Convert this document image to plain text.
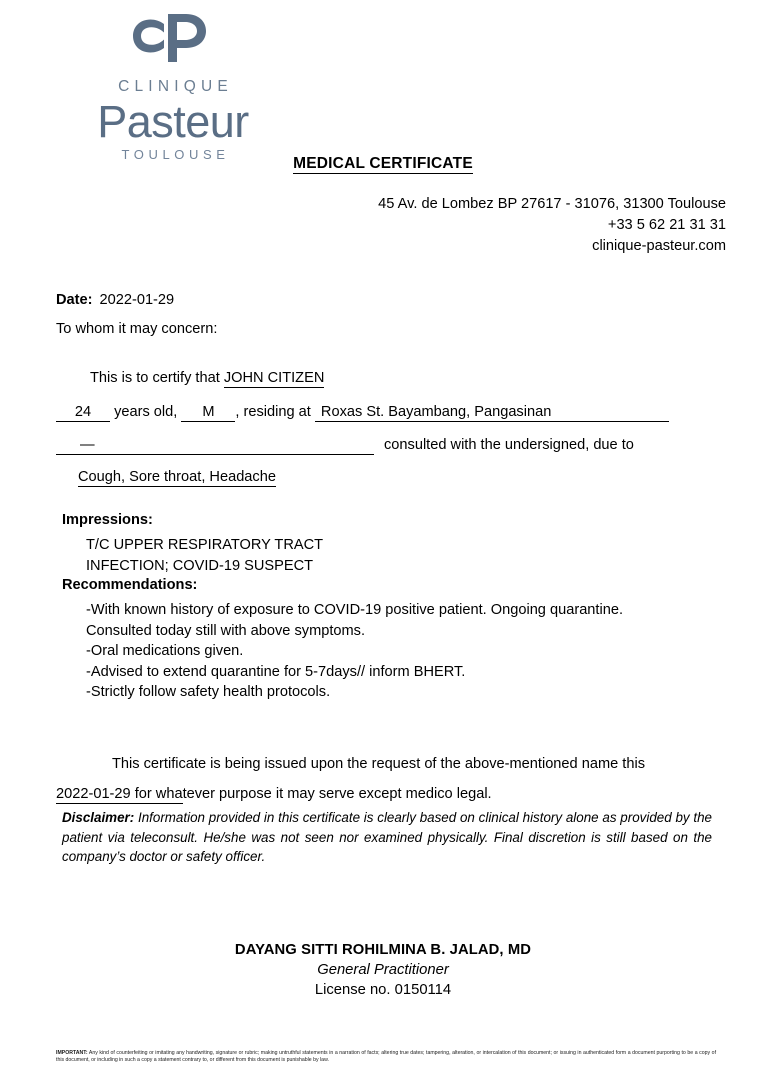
CLINIQUE
Pasteur
TOULOUSE
MEDICAL CERTIFICATE
45 Av. de Lombez BP 27617 - 31076, 31300 Toulouse
+33 5 62 21 31 31
clinique-pasteur.com
Date: 2022-01-29
To whom it may concern:
This is to certify that JOHN CITIZEN
24 years old, M , residing at Roxas St. Bayambang, Pangasinan
—	consulted with the undersigned, due to
Cough, Sore throat, Headache
Impressions:
T/C UPPER RESPIRATORY TRACT
INFECTION; COVID-19 SUSPECT
Recommendations:
-With known history of exposure to COVID-19 positive patient. Ongoing quarantine.
Consulted today still with above symptoms.
-Oral medications given.
-Advised to extend quarantine for 5-7days// inform BHERT.
-Strictly follow safety health protocols.
This certificate is being issued upon the request of the above-mentioned name this
2022-01-29 for whatever purpose it may serve except medico legal.
Disclaimer: Information provided in this certificate is clearly based on clinical history alone as provided by the patient via teleconsult. He/she was not seen nor examined physically. Final discretion is still based on the company’s doctor or safety officer.
DAYANG SITTI ROHILMINA B. JALAD, MD
General Practitioner
License no. 0150114
IMPORTANT: Any kind of counterfeiting or imitating any handwriting, signature or rubric; making untruthful statements in a narration of facts; altering true dates; tampering, alteration, or intercalation of this document; or issuing in authenticated form a document purporting to be a copy of this document, or including in such a copy a statement contrary to, or different from this document is punishable by law.
